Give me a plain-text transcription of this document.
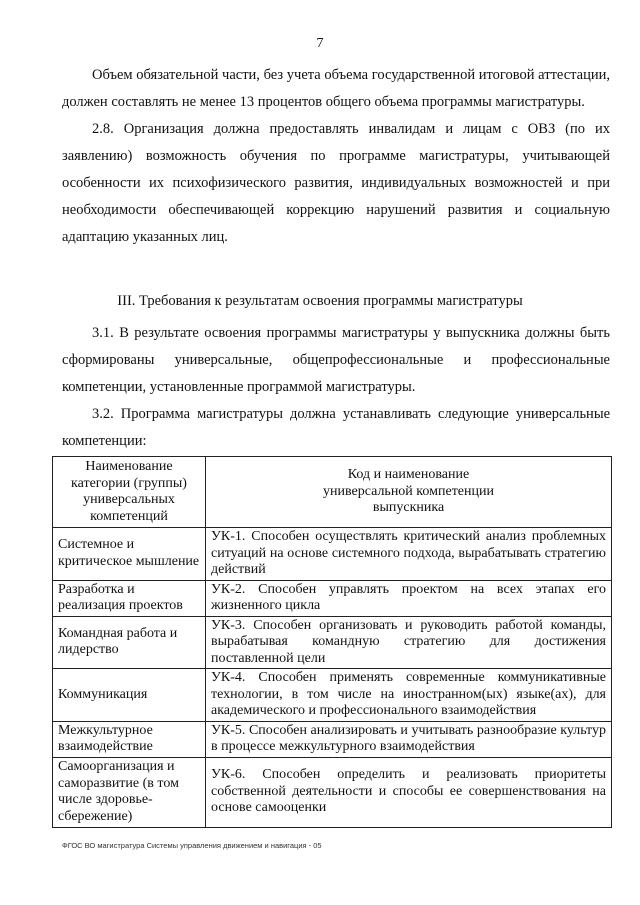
7

Объем обязательной части, без учета объема государственной итоговой аттестации, должен составлять не менее 13 процентов общего объема программы магистратуры.

2.8. Организация должна предоставлять инвалидам и лицам с ОВЗ (по их заявлению) возможность обучения по программе магистратуры, учитывающей особенности их психофизического развития, индивидуальных возможностей и при необходимости обеспечивающей коррекцию нарушений развития и социальную адаптацию указанных лиц.

III. Требования к результатам освоения программы магистратуры

3.1. В результате освоения программы магистратуры у выпускника должны быть сформированы универсальные, общепрофессиональные и профессиональные компетенции, установленные программой магистратуры.

3.2. Программа магистратуры должна устанавливать следующие универсальные компетенции:

Наименование категории (группы) универсальных компетенций	Код и наименование универсальной компетенции выпускника
Системное и критическое мышление	УК-1. Способен осуществлять критический анализ проблемных ситуаций на основе системного подхода, вырабатывать стратегию действий
Разработка и реализация проектов	УК-2. Способен управлять проектом на всех этапах его жизненного цикла
Командная работа и лидерство	УК-3. Способен организовать и руководить работой команды, вырабатывая командную стратегию для достижения поставленной цели
Коммуникация	УК-4. Способен применять современные коммуникативные технологии, в том числе на иностранном(ых) языке(ах), для академического и профессионального взаимодействия
Межкультурное взаимодействие	УК-5. Способен анализировать и учитывать разнообразие культур в процессе межкультурного взаимодействия
Самоорганизация и саморазвитие (в том числе здоровье-сбережение)	УК-6. Способен определить и реализовать приоритеты собственной деятельности и способы ее совершенствования на основе самооценки
ФГОС ВО магистратура Системы управления движением и навигация - 05
